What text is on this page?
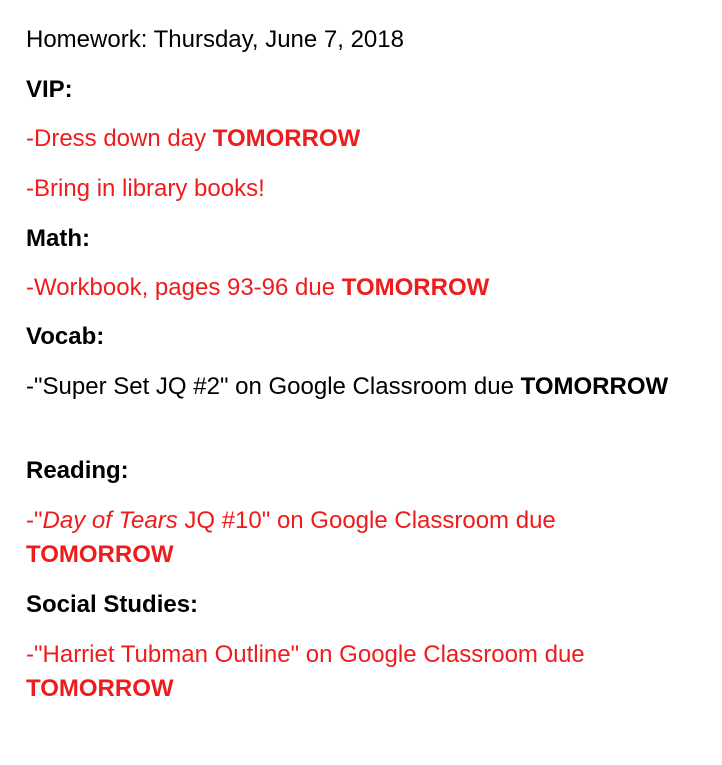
Homework: Thursday, June 7, 2018
VIP:
-Dress down day TOMORROW
-Bring in library books!
Math:
-Workbook, pages 93-96 due TOMORROW
Vocab:
-"Super Set JQ #2" on Google Classroom due TOMORROW
Reading:
-"Day of Tears JQ #10" on Google Classroom due TOMORROW
Social Studies:
-"Harriet Tubman Outline" on Google Classroom due TOMORROW
